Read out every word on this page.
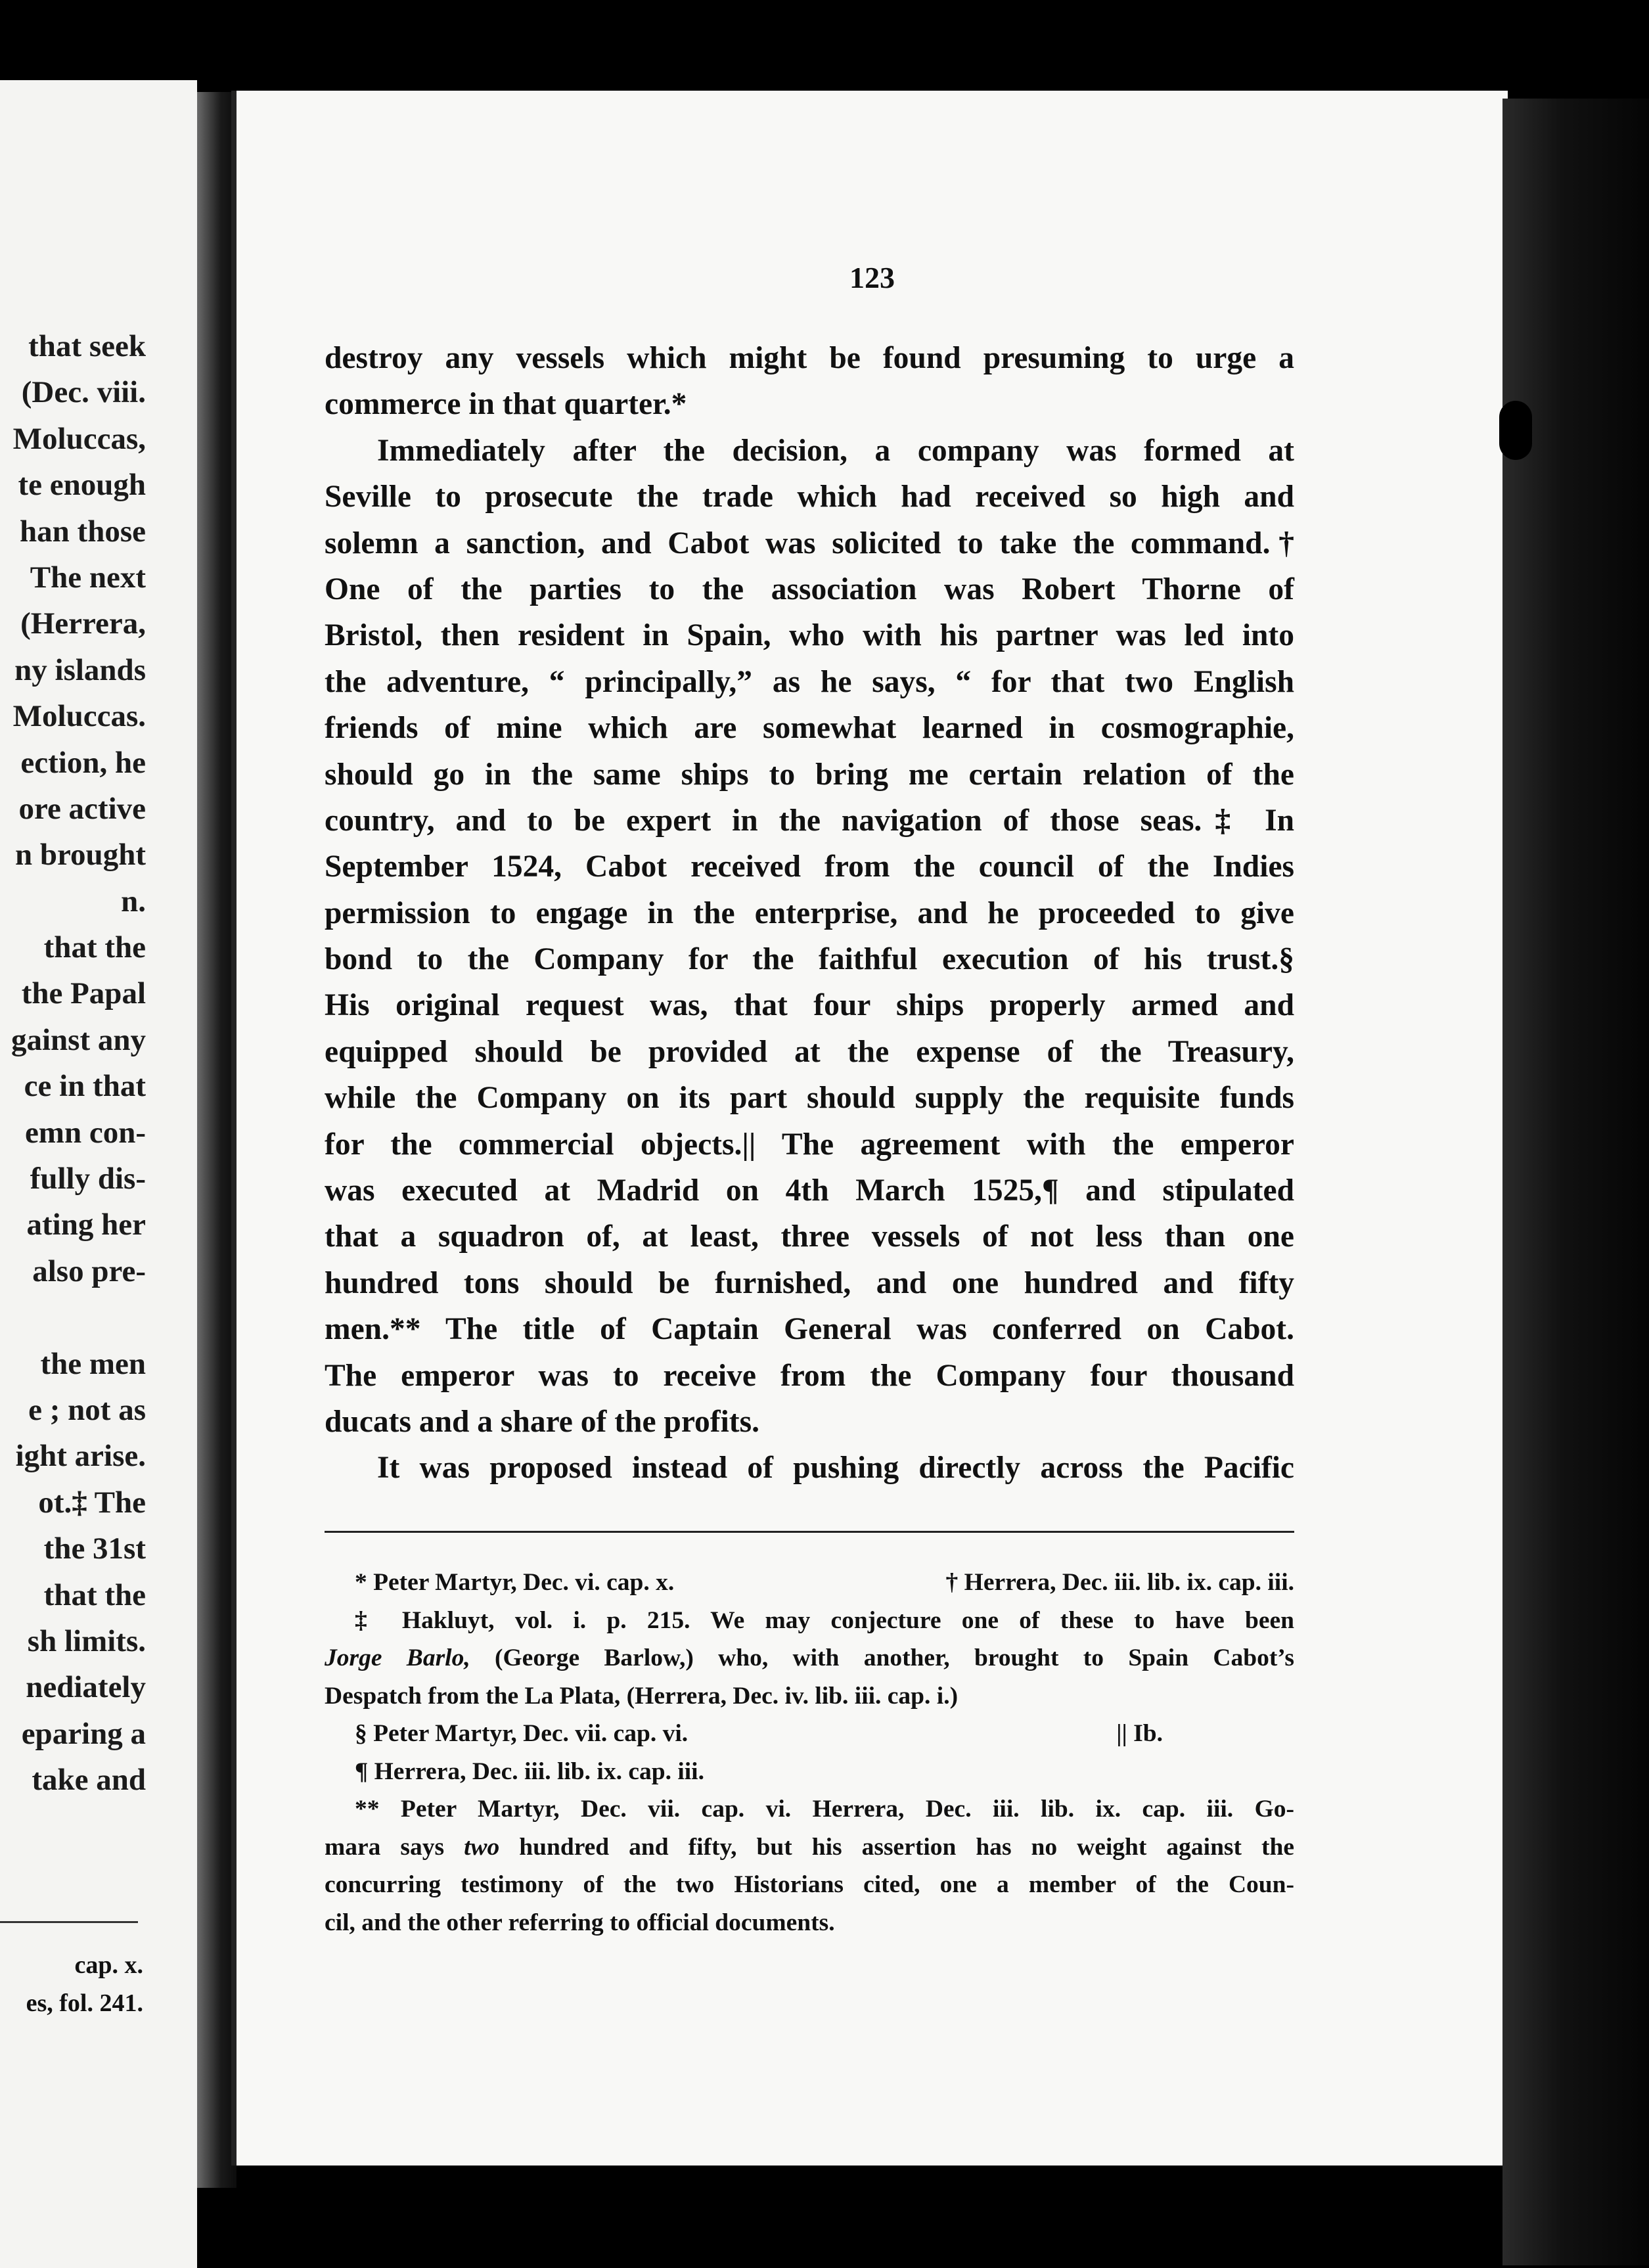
that seek
(Dec. viii.
Moluccas,
te enough
han those
The next
(Herrera,
ny islands
Moluccas.
ection, he
ore active
n brought
n.
that the
the Papal
gainst any
ce in that
emn con-
fully dis-
ating her
also pre-
the men
e ; not as
ight arise.
ot.‡ The
the 31st
that the
sh limits.
nediately
eparing a
take and
cap. x.
es, fol. 241.
123
destroy any vessels which might be found presuming to urge a
commerce in that quarter.*
Immediately after the decision, a company was formed at
Seville to prosecute the trade which had received so high and
solemn a sanction, and Cabot was solicited to take the command.†
One of the parties to the association was Robert Thorne of
Bristol, then resident in Spain, who with his partner was led into
the adventure, “ principally,” as he says, “ for that two English
friends of mine which are somewhat learned in cosmographie,
should go in the same ships to bring me certain relation of the
country, and to be expert in the navigation of those seas.‡ In
September 1524, Cabot received from the council of the Indies
permission to engage in the enterprise, and he proceeded to give
bond to the Company for the faithful execution of his trust.§
His original request was, that four ships properly armed and
equipped should be provided at the expense of the Treasury,
while the Company on its part should supply the requisite funds
for the commercial objects.|| The agreement with the emperor
was executed at Madrid on 4th March 1525,¶ and stipulated
that a squadron of, at least, three vessels of not less than one
hundred tons should be furnished, and one hundred and fifty
men.** The title of Captain General was conferred on Cabot.
The emperor was to receive from the Company four thousand
ducats and a share of the profits.
It was proposed instead of pushing directly across the Pacific
* Peter Martyr, Dec. vi. cap. x.	† Herrera, Dec. iii. lib. ix. cap. iii.
‡ Hakluyt, vol. i. p. 215. We may conjecture one of these to have been
Jorge Barlo, (George Barlow,) who, with another, brought to Spain Cabot’s
Despatch from the La Plata, (Herrera, Dec. iv. lib. iii. cap. i.)
§ Peter Martyr, Dec. vii. cap. vi.	|| Ib.
¶ Herrera, Dec. iii. lib. ix. cap. iii.
** Peter Martyr, Dec. vii. cap. vi. Herrera, Dec. iii. lib. ix. cap. iii. Go-
mara says two hundred and fifty, but his assertion has no weight against the
concurring testimony of the two Historians cited, one a member of the Coun-
cil, and the other referring to official documents.
